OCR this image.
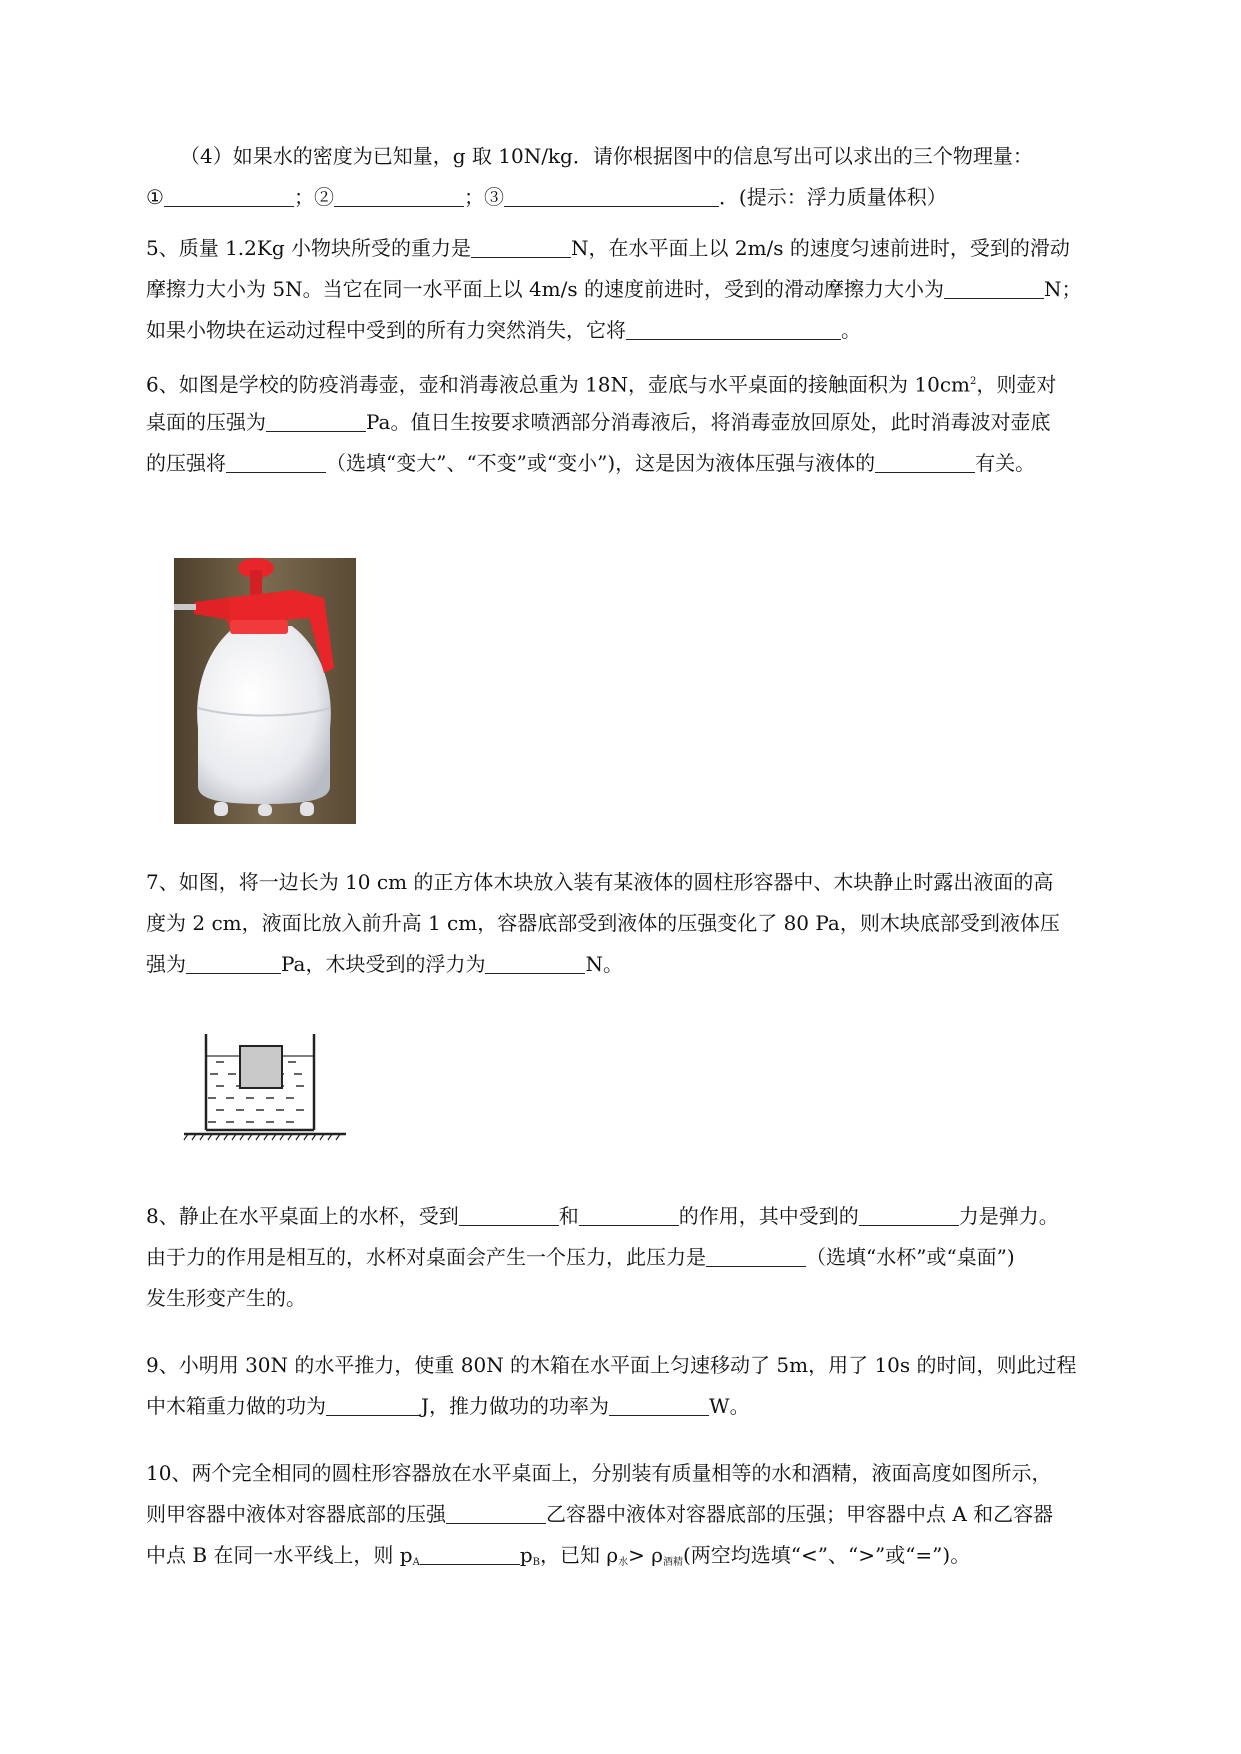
（4）如果水的密度为已知量，g 取 10N/kg．请你根据图中的信息写出可以求出的三个物理量：
①	；②	；③	．(提示：浮力质量体积）
5、质量 1.2Kg 小物块所受的重力是	N，在水平面上以 2m/s 的速度匀速前进时，受到的滑动
摩擦力大小为 5N。当它在同一水平面上以 4m/s 的速度前进时，受到的滑动摩擦力大小为	N；
如果小物块在运动过程中受到的所有力突然消失，它将	。
6、如图是学校的防疫消毒壶，壶和消毒液总重为 18N，壶底与水平桌面的接触面积为 $10cm^2$，则壶对
桌面的压强为	Pa。值日生按要求喷洒部分消毒液后，将消毒壶放回原处，此时消毒波对壶底
的压强将	（选填“变大”、“不变”或“变小”)，这是因为液体压强与液体的	有关。
7、如图，将一边长为 10 cm 的正方体木块放入装有某液体的圆柱形容器中、木块静止时露出液面的高
度为 2 cm，液面比放入前升高 1 cm，容器底部受到液体的压强变化了 80 Pa，则木块底部受到液体压
强为	Pa，木块受到的浮力为	N。
8、静止在水平桌面上的水杯，受到	和	的作用，其中受到的	力是弹力。
由于力的作用是相互的，水杯对桌面会产生一个压力，此压力是	（选填“水杯”或“桌面”)
发生形变产生的。
9、小明用 30N 的水平推力，使重 80N 的木箱在水平面上匀速移动了 5m，用了 10s 的时间，则此过程
中木箱重力做的功为	J，推力做功的功率为	W。
10、两个完全相同的圆柱形容器放在水平桌面上，分别装有质量相等的水和酒精，液面高度如图所示，
则甲容器中液体对容器底部的压强	乙容器中液体对容器底部的压强；甲容器中点 A 和乙容器
中点 B 在同一水平线上，则 $p_A$	$p_B$，已知 $\rho_水> \rho_{酒精}$(两空均选填“<”、“>”或“=”)。
